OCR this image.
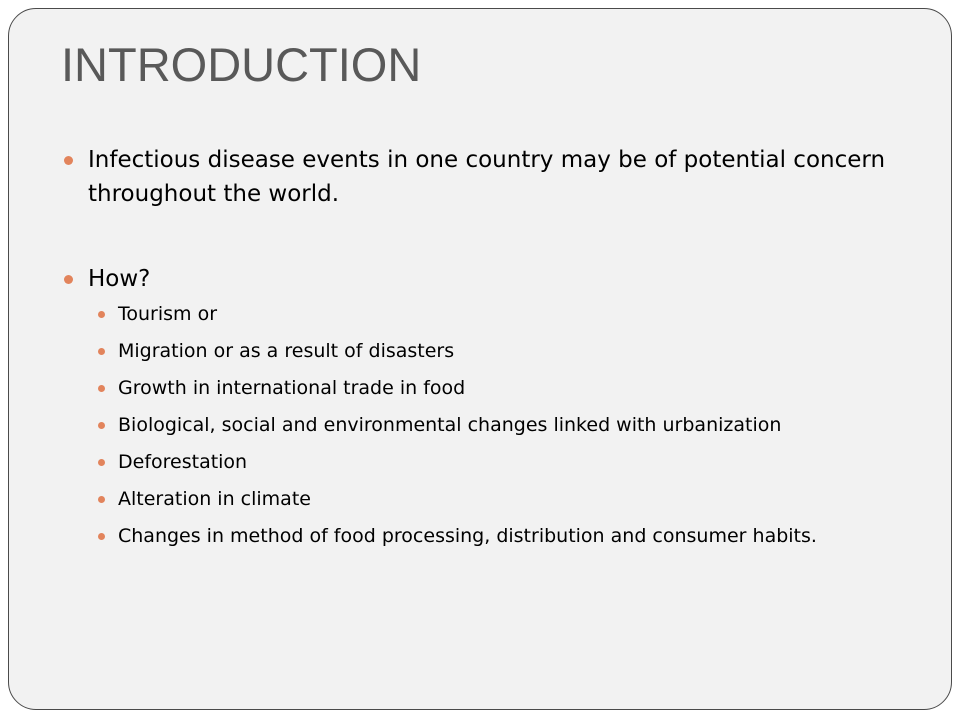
INTRODUCTION
Infectious disease events in one country may be of potential concern throughout the world.
How?
Tourism or
Migration or as a result of disasters
Growth in international trade in food
Biological, social and environmental changes linked with urbanization
Deforestation
Alteration in climate
Changes in method of food processing, distribution and consumer habits.
